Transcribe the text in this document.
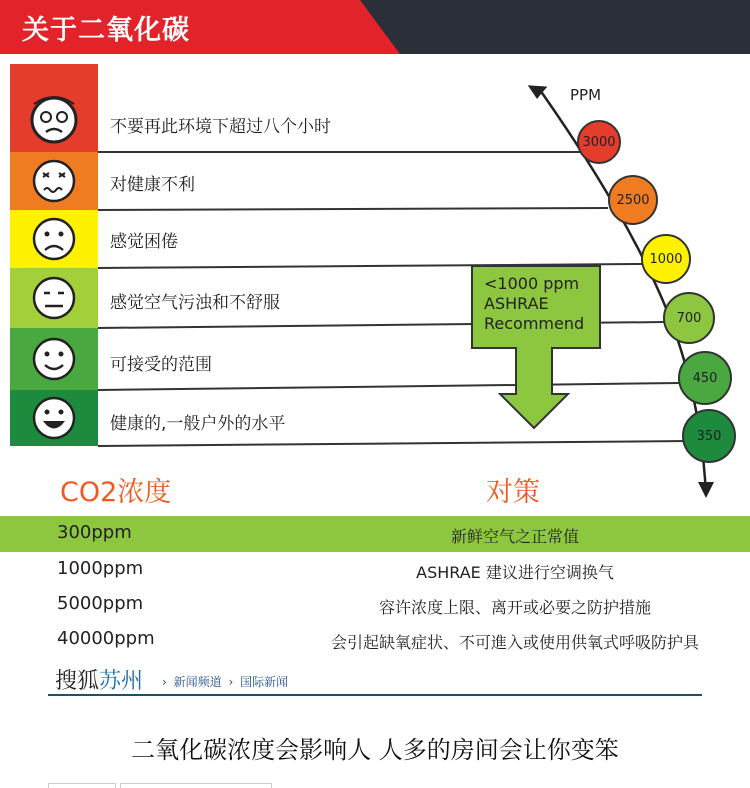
关于二氧化碳
PPM
不要再此环境下超过八个小时
对健康不利
感觉困倦
感觉空气污浊和不舒服
可接受的范围
健康的,一般户外的水平
3000
2500
1000
700
450
350
<1000 ppm
ASHRAE
Recommend
CO2浓度	对策
300ppm	新鲜空气之正常值
1000ppm	ASHRAE 建议进行空调换气
5000ppm	容许浓度上限、离开或必要之防护措施
40000ppm	会引起缺氧症状、不可進入或使用供氧式呼吸防护具
搜狐苏州 › 新闻频道 › 国际新闻
二氧化碳浓度会影响人 人多的房间会让你变笨
